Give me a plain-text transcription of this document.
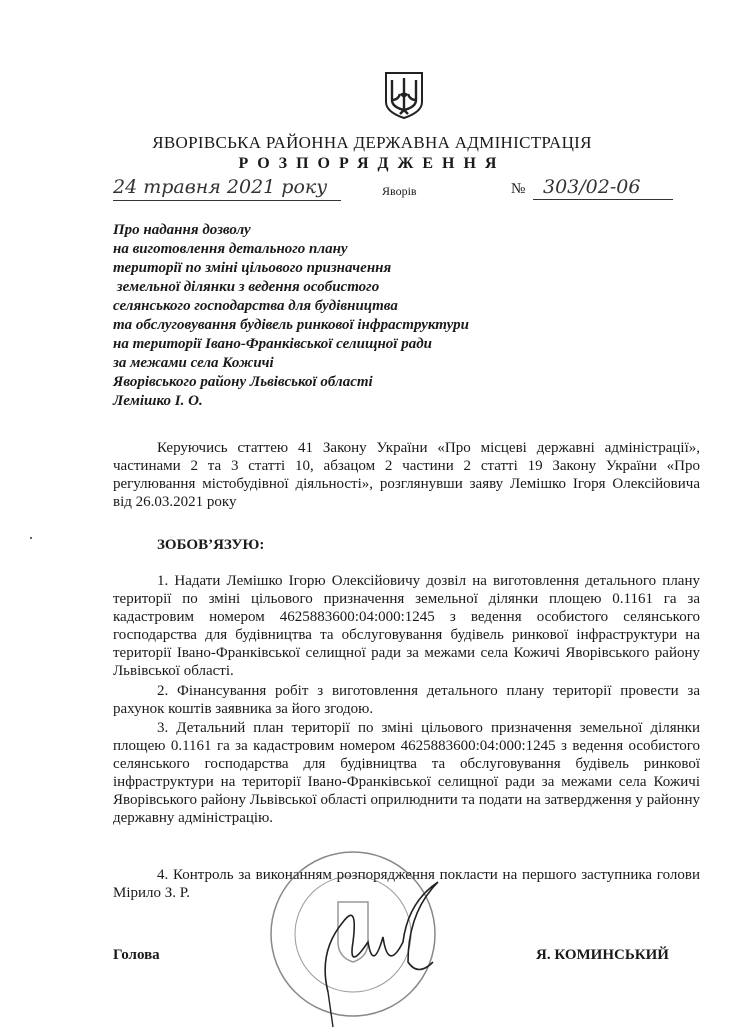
ЯВОРІВСЬКА РАЙОННА ДЕРЖАВНА АДМІНІСТРАЦІЯ
РОЗПОРЯДЖЕННЯ
24 травня 2021 року	Яворів	№ 303/02-06
Про надання дозволу
на виготовлення детального плану
території по зміні цільового призначення
земельної ділянки з ведення особистого
селянського господарства для будівництва
та обслуговування будівель ринкової інфраструктури
на території Івано-Франківської селищної ради
за межами села Кожичі
Яворівського району Львівської області
Лемішко І. О.
Керуючись статтею 41 Закону України «Про місцеві державні адміністрації», частинами 2 та 3 статті 10, абзацом 2 частини 2 статті 19 Закону України «Про регулювання містобудівної діяльності», розглянувши заяву Лемішко Ігоря Олексійовича від 26.03.2021 року
ЗОБОВ’ЯЗУЮ:
1. Надати Лемішко Ігорю Олексійовичу дозвіл на виготовлення детального плану території по зміні цільового призначення земельної ділянки площею 0.1161 га за кадастровим номером 4625883600:04:000:1245 з ведення особистого селянського господарства для будівництва та обслуговування будівель ринкової інфраструктури на території Івано-Франківської селищної ради за межами села Кожичі Яворівського району Львівської області.
2. Фінансування робіт з виготовлення детального плану території провести за рахунок коштів заявника за його згодою.
3. Детальний план території по зміні цільового призначення земельної ділянки площею 0.1161 га за кадастровим номером 4625883600:04:000:1245 з ведення особистого селянського господарства для будівництва та обслуговування будівель ринкової інфраструктури на території Івано-Франківської селищної ради за межами села Кожичі Яворівського району Львівської області оприлюднити та подати на затвердження у районну державну адміністрацію.
4. Контроль за виконанням розпорядження покласти на першого заступника голови Мірило З. Р.
Голова	Я. КОМИНСЬКИЙ
